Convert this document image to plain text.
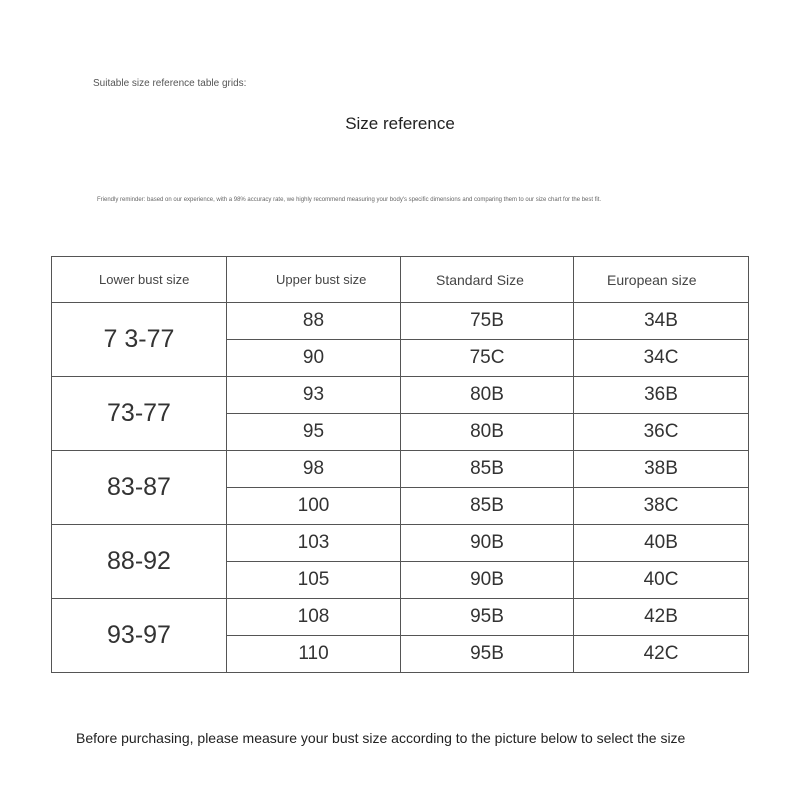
Suitable size reference table grids:
Size reference
Friendly reminder: based on our experience, with a 98% accuracy rate, we highly recommend measuring your body's specific dimensions and comparing them to our size chart for the best fit.
Lower bust size	Upper bust size	Standard Size	European size
7 3-77	88	75B	34B
	90	75C	34C
73-77	93	80B	36B
	95	80B	36C
83-87	98	85B	38B
	100	85B	38C
88-92	103	90B	40B
	105	90B	40C
93-97	108	95B	42B
	110	95B	42C
Before purchasing, please measure your bust size according to the picture below to select the size
